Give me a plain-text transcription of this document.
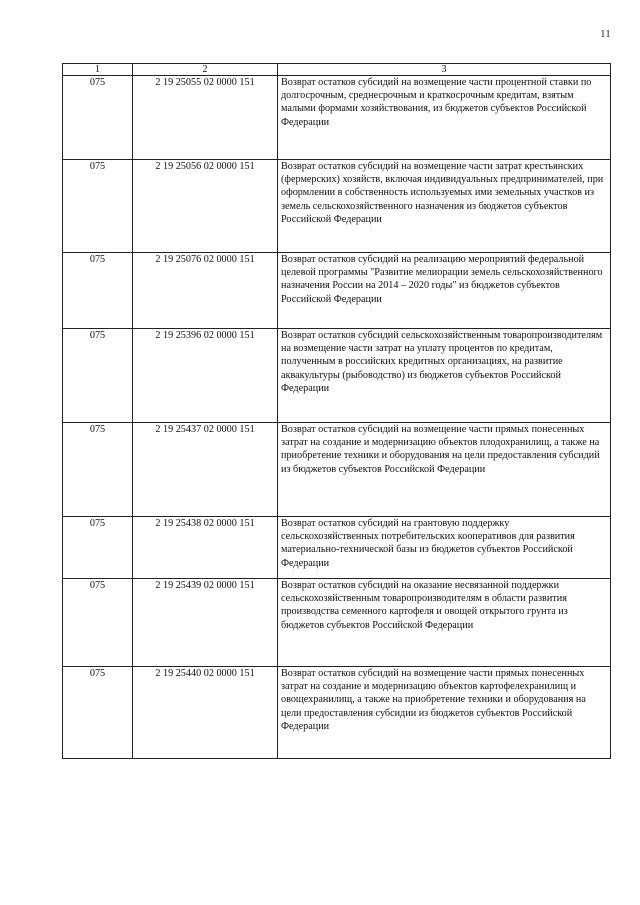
11
1	2	3
075	2 19 25055 02 0000 151	Возврат остатков субсидий на возмещение части процентной ставки по долгосрочным, среднесрочным и краткосрочным кредитам, взятым малыми формами хозяйствования, из бюджетов субъектов Российской Федерации
075	2 19 25056 02 0000 151	Возврат остатков субсидий на возмещение части затрат крестьянских (фермерских) хозяйств, включая индивидуальных предпринимателей, при оформлении в собственность используемых ими земельных участков из земель сельскохозяйственного назначения из бюджетов субъектов Российской Федерации
075	2 19 25076 02 0000 151	Возврат остатков субсидий на реализацию мероприятий федеральной целевой программы "Развитие мелиорации земель сельскохозяйственного назначения России на 2014 – 2020 годы" из бюджетов субъектов Российской Федерации
075	2 19 25396 02 0000 151	Возврат остатков субсидий сельскохозяйственным товаропроизводителям на возмещение части затрат на уплату процентов по кредитам, полученным в российских кредитных организациях, на развитие аквакультуры (рыбоводство) из бюджетов субъектов Российской Федерации
075	2 19 25437 02 0000 151	Возврат остатков субсидий на возмещение части прямых понесенных затрат на создание и модернизацию объектов плодохранилищ, а также на приобретение техники и оборудования на цели предоставления субсидий из бюджетов субъектов Российской Федерации
075	2 19 25438 02 0000 151	Возврат остатков субсидий на грантовую поддержку сельскохозяйственных потребительских кооперативов для развития материально-технической базы из бюджетов субъектов Российской Федерации
075	2 19 25439 02 0000 151	Возврат остатков субсидий на оказание несвязанной поддержки сельскохозяйственным товаропроизводителям в области развития производства семенного картофеля и овощей открытого грунта из бюджетов субъектов Российской Федерации
075	2 19 25440 02 0000 151	Возврат остатков субсидий на возмещение части прямых понесенных затрат на создание и модернизацию объектов картофелехранилищ и овощехранилищ, а также на приобретение техники и оборудования на цели предоставления субсидии из бюджетов субъектов Российской Федерации
